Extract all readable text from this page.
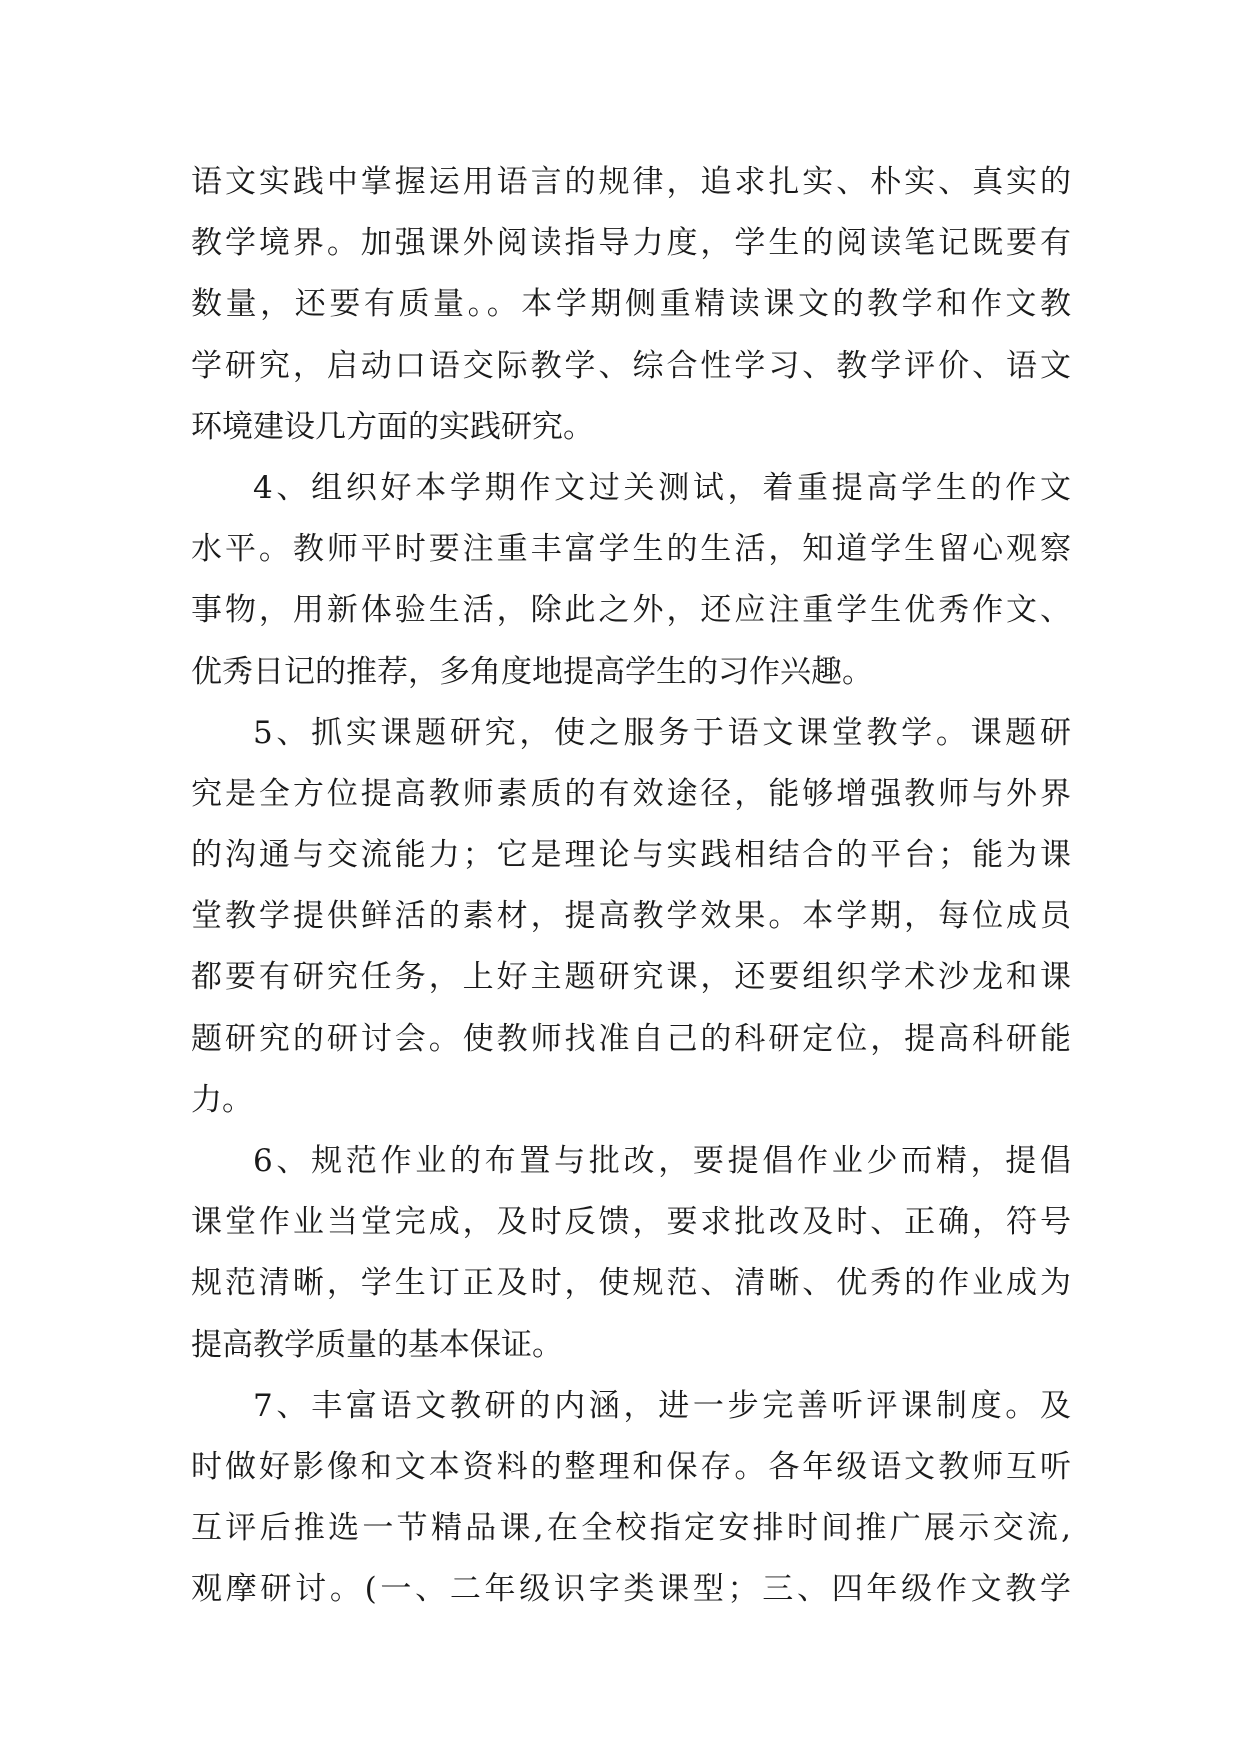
语文实践中掌握运用语言的规律，追求扎实、朴实、真实的
教学境界。加强课外阅读指导力度，学生的阅读笔记既要有
数量，还要有质量。。本学期侧重精读课文的教学和作文教
学研究，启动口语交际教学、综合性学习、教学评价、语文
环境建设几方面的实践研究。
4、组织好本学期作文过关测试，着重提高学生的作文
水平。教师平时要注重丰富学生的生活，知道学生留心观察
事物，用新体验生活，除此之外，还应注重学生优秀作文、
优秀日记的推荐，多角度地提高学生的习作兴趣。
5、抓实课题研究，使之服务于语文课堂教学。课题研
究是全方位提高教师素质的有效途径，能够增强教师与外界
的沟通与交流能力；它是理论与实践相结合的平台；能为课
堂教学提供鲜活的素材，提高教学效果。本学期，每位成员
都要有研究任务，上好主题研究课，还要组织学术沙龙和课
题研究的研讨会。使教师找准自己的科研定位，提高科研能
力。
6、规范作业的布置与批改，要提倡作业少而精，提倡
课堂作业当堂完成，及时反馈，要求批改及时、正确，符号
规范清晰，学生订正及时，使规范、清晰、优秀的作业成为
提高教学质量的基本保证。
7、丰富语文教研的内涵，进一步完善听评课制度。及
时做好影像和文本资料的整理和保存。各年级语文教师互听
互评后推选一节精品课,在全校指定安排时间推广展示交流,
观摩研讨。(一、二年级识字类课型；三、四年级作文教学
